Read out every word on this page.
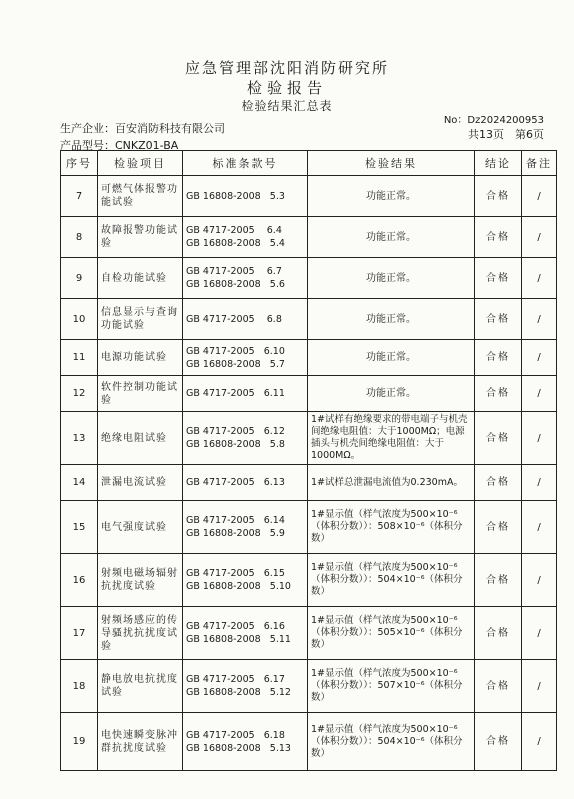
应急管理部沈阳消防研究所
检验报告
检验结果汇总表
生产企业：百安消防科技有限公司
产品型号：CNKZ01-BA
No：Dz2024200953
共13页　第6页
序号	检验项目	标准条款号	检验结果	结论	备注
7	可燃气体报警功能试验	GB 16808-2008   5.3	功能正常。	合格	/
8	故障报警功能试验	GB 4717-2005    6.4
GB 16808-2008   5.4	功能正常。	合格	/
9	自检功能试验	GB 4717-2005    6.7
GB 16808-2008   5.6	功能正常。	合格	/
10	信息显示与查询功能试验	GB 4717-2005    6.8	功能正常。	合格	/
11	电源功能试验	GB 4717-2005   6.10
GB 16808-2008   5.7	功能正常。	合格	/
12	软件控制功能试验	GB 4717-2005   6.11	功能正常。	合格	/
13	绝缘电阻试验	GB 4717-2005   6.12
GB 16808-2008   5.8	1#试样有绝缘要求的带电端子与机壳间绝缘电阻值：大于1000MΩ；电源插头与机壳间绝缘电阻值：大于1000MΩ。	合格	/
14	泄漏电流试验	GB 4717-2005   6.13	1#试样总泄漏电流值为0.230mA。	合格	/
15	电气强度试验	GB 4717-2005   6.14
GB 16808-2008   5.9	1#显示值（样气浓度为500×10⁻⁶（体积分数））：508×10⁻⁶（体积分数）	合格	/
16	射频电磁场辐射抗扰度试验	GB 4717-2005   6.15
GB 16808-2008   5.10	1#显示值（样气浓度为500×10⁻⁶（体积分数））：504×10⁻⁶（体积分数）	合格	/
17	射频场感应的传导骚扰抗扰度试验	GB 4717-2005   6.16
GB 16808-2008   5.11	1#显示值（样气浓度为500×10⁻⁶（体积分数））：505×10⁻⁶（体积分数）	合格	/
18	静电放电抗扰度试验	GB 4717-2005   6.17
GB 16808-2008   5.12	1#显示值（样气浓度为500×10⁻⁶（体积分数））：507×10⁻⁶（体积分数）	合格	/
19	电快速瞬变脉冲群抗扰度试验	GB 4717-2005   6.18
GB 16808-2008   5.13	1#显示值（样气浓度为500×10⁻⁶（体积分数））：504×10⁻⁶（体积分数）	合格	/
